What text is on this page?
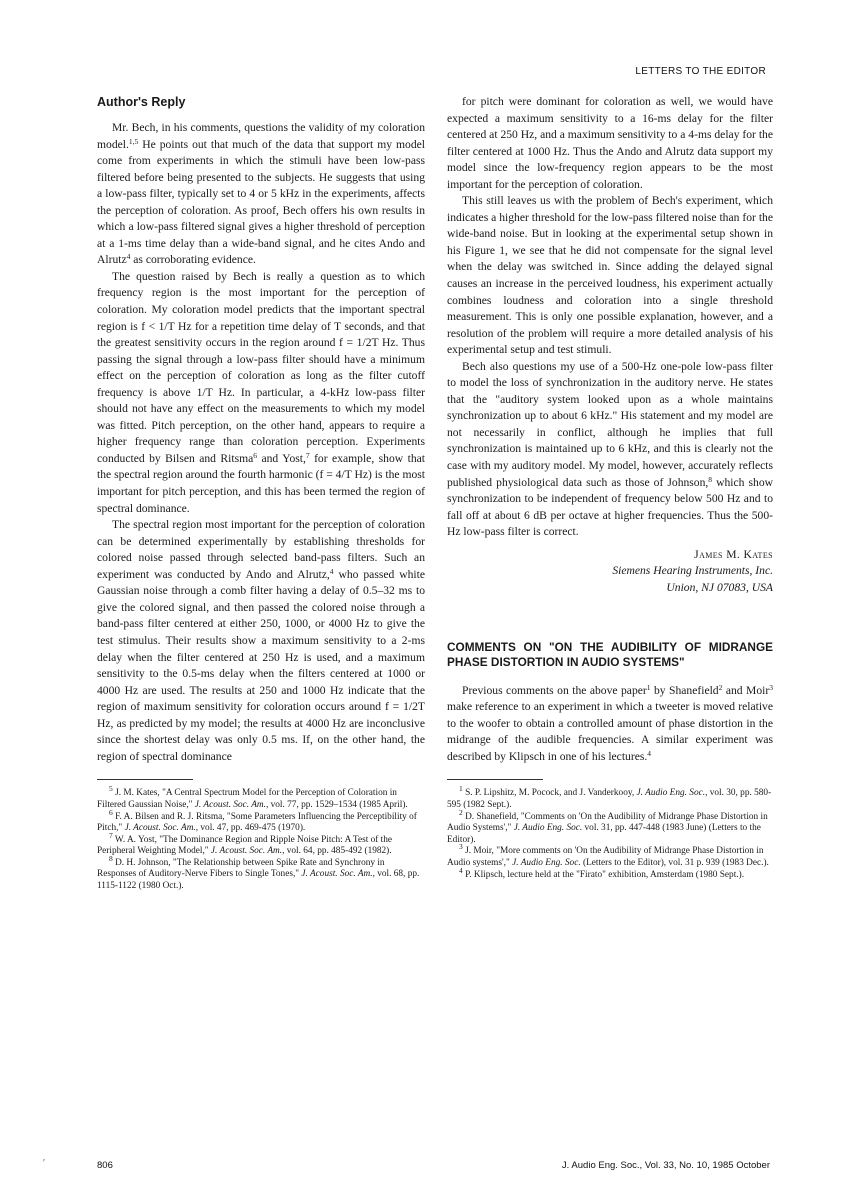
LETTERS TO THE EDITOR
Author's Reply

Mr. Bech, in his comments, questions the validity of my coloration model.$^{1,5}$ He points out that much of the data that support my model come from experiments in which the stimuli have been low-pass filtered before being presented to the subjects. He suggests that using a low-pass filter, typically set to 4 or 5 kHz in the experiments, affects the perception of coloration. As proof, Bech offers his own results in which a low-pass filtered signal gives a higher threshold of perception at a 1-ms time delay than a wide-band signal, and he cites Ando and Alrutz$^4$ as corroborating evidence.

The question raised by Bech is really a question as to which frequency region is the most important for the perception of coloration. My coloration model predicts that the important spectral region is f < 1/T Hz for a repetition time delay of T seconds, and that the greatest sensitivity occurs in the region around f = 1/2T Hz. Thus passing the signal through a low-pass filter should have a minimum effect on the perception of coloration as long as the filter cutoff frequency is above 1/T Hz. In particular, a 4-kHz low-pass filter should not have any effect on the measurements to which my model was fitted. Pitch perception, on the other hand, appears to require a higher frequency range than coloration perception. Experiments conducted by Bilsen and Ritsma$^6$ and Yost,$^7$ for example, show that the spectral region around the fourth harmonic (f = 4/T Hz) is the most important for pitch perception, and this has been termed the region of spectral dominance.

The spectral region most important for the perception of coloration can be determined experimentally by establishing thresholds for colored noise passed through selected band-pass filters. Such an experiment was conducted by Ando and Alrutz,$^4$ who passed white Gaussian noise through a comb filter having a delay of 0.5–32 ms to give the colored signal, and then passed the colored noise through a band-pass filter centered at either 250, 1000, or 4000 Hz to give the test stimulus. Their results show a maximum sensitivity to a 2-ms delay when the filter centered at 250 Hz is used, and a maximum sensitivity to the 0.5-ms delay when the filters centered at 1000 or 4000 Hz are used. The results at 250 and 1000 Hz indicate that the region of maximum sensitivity for coloration occurs around f = 1/2T Hz, as predicted by my model; the results at 4000 Hz are inconclusive since the shortest delay was only 0.5 ms. If, on the other hand, the region of spectral dominance

$^5$ J. M. Kates, "A Central Spectrum Model for the Perception of Coloration in Filtered Gaussian Noise," J. Acoust. Soc. Am., vol. 77, pp. 1529–1534 (1985 April).

$^6$ F. A. Bilsen and R. J. Ritsma, "Some Parameters Influencing the Perceptibility of Pitch," J. Acoust. Soc. Am., vol. 47, pp. 469-475 (1970).

$^7$ W. A. Yost, "The Dominance Region and Ripple Noise Pitch: A Test of the Peripheral Weighting Model," J. Acoust. Soc. Am., vol. 64, pp. 485-492 (1982).

$^8$ D. H. Johnson, "The Relationship between Spike Rate and Synchrony in Responses of Auditory-Nerve Fibers to Single Tones," J. Acoust. Soc. Am., vol. 68, pp. 1115-1122 (1980 Oct.).

for pitch were dominant for coloration as well, we would have expected a maximum sensitivity to a 16-ms delay for the filter centered at 250 Hz, and a maximum sensitivity to a 4-ms delay for the filter centered at 1000 Hz. Thus the Ando and Alrutz data support my model since the low-frequency region appears to be the most important for the perception of coloration.

This still leaves us with the problem of Bech's experiment, which indicates a higher threshold for the low-pass filtered noise than for the wide-band noise. But in looking at the experimental setup shown in his Figure 1, we see that he did not compensate for the signal level when the delay was switched in. Since adding the delayed signal causes an increase in the perceived loudness, his experiment actually combines loudness and coloration into a single threshold measurement. This is only one possible explanation, however, and a resolution of the problem will require a more detailed analysis of his experimental setup and test stimuli.

Bech also questions my use of a 500-Hz one-pole low-pass filter to model the loss of synchronization in the auditory nerve. He states that the "auditory system looked upon as a whole maintains synchronization up to about 6 kHz." His statement and my model are not necessarily in conflict, although he implies that full synchronization is maintained up to 6 kHz, and this is clearly not the case with my auditory model. My model, however, accurately reflects published physiological data such as those of Johnson,$^8$ which show synchronization to be independent of frequency below 500 Hz and to fall off at about 6 dB per octave at higher frequencies. Thus the 500-Hz low-pass filter is correct.

James M. Kates
Siemens Hearing Instruments, Inc.
Union, NJ 07083, USA
COMMENTS ON "ON THE AUDIBILITY OF MIDRANGE PHASE DISTORTION IN AUDIO SYSTEMS"

Previous comments on the above paper$^1$ by Shanefield$^2$ and Moir$^3$ make reference to an experiment in which a tweeter is moved relative to the woofer to obtain a controlled amount of phase distortion in the midrange of the audible frequencies. A similar experiment was described by Klipsch in one of his lectures.$^4$

$^1$ S. P. Lipshitz, M. Pocock, and J. Vanderkooy, J. Audio Eng. Soc., vol. 30, pp. 580-595 (1982 Sept.).

$^2$ D. Shanefield, "Comments on 'On the Audibility of Midrange Phase Distortion in Audio Systems'," J. Audio Eng. Soc. vol. 31, pp. 447-448 (1983 June) (Letters to the Editor).

$^3$ J. Moir, "More comments on 'On the Audibility of Midrange Phase Distortion in Audio systems'," J. Audio Eng. Soc. (Letters to the Editor), vol. 31 p. 939 (1983 Dec.).

$^4$ P. Klipsch, lecture held at the "Firato" exhibition, Amsterdam (1980 Sept.).

′	806	J. Audio Eng. Soc., Vol. 33, No. 10, 1985 October
